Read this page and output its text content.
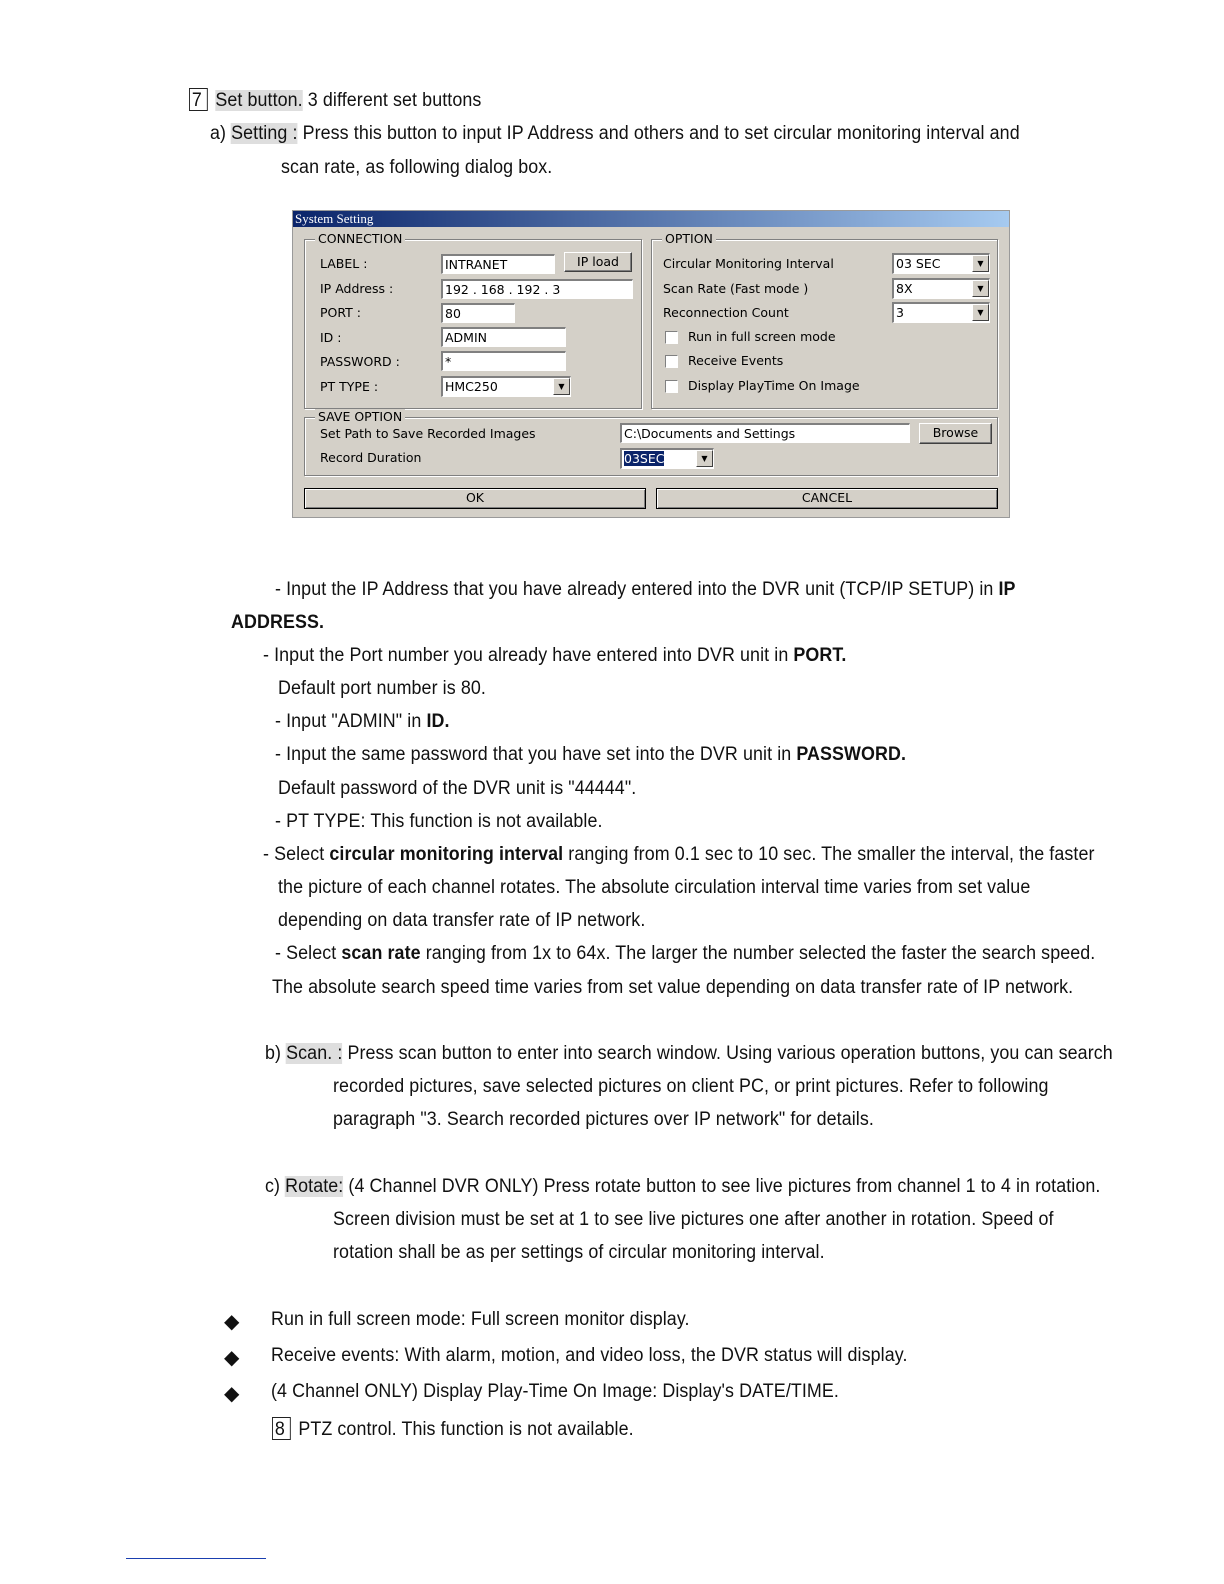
7 Set button. 3 different set buttons
a) Setting : Press this button to input IP Address and others and to set circular monitoring interval and
scan rate, as following dialog box.
System Setting
CONNECTION
LABEL :	INTRANET	IP load
IP Address :	192 . 168 . 192 . 3
PORT :	80
ID :	ADMIN
PASSWORD :	*
PT TYPE :	HMC250	▼
OPTION
Circular Monitoring Interval	03 SEC	▼
Scan Rate (Fast mode )	8X	▼
Reconnection Count	3	▼
Run in full screen mode
Receive Events
Display PlayTime On Image
SAVE OPTION
Set Path to Save Recorded Images	C:\Documents and Settings	Browse
Record Duration	03SEC	▼
OK	CANCEL
- Input the IP Address that you have already entered into the DVR unit (TCP/IP SETUP) in IP
ADDRESS.
- Input the Port number you already have entered into DVR unit in PORT.
Default port number is 80.
- Input "ADMIN" in ID.
- Input the same password that you have set into the DVR unit in PASSWORD.
Default password of the DVR unit is "44444".
- PT TYPE: This function is not available.
- Select circular monitoring interval ranging from 0.1 sec to 10 sec. The smaller the interval, the faster
the picture of each channel rotates. The absolute circulation interval time varies from set value
depending on data transfer rate of IP network.
- Select scan rate ranging from 1x to 64x. The larger the number selected the faster the search speed.
The absolute search speed time varies from set value depending on data transfer rate of IP network.
b) Scan. : Press scan button to enter into search window. Using various operation buttons, you can search
recorded pictures, save selected pictures on client PC, or print pictures. Refer to following
paragraph "3. Search recorded pictures over IP network" for details.
c) Rotate: (4 Channel DVR ONLY) Press rotate button to see live pictures from channel 1 to 4 in rotation.
Screen division must be set at 1 to see live pictures one after another in rotation. Speed of
rotation shall be as per settings of circular monitoring interval.
◆ Run in full screen mode: Full screen monitor display.
◆ Receive events: With alarm, motion, and video loss, the DVR status will display.
◆ (4 Channel ONLY) Display Play-Time On Image: Display's DATE/TIME.
8 PTZ control. This function is not available.
